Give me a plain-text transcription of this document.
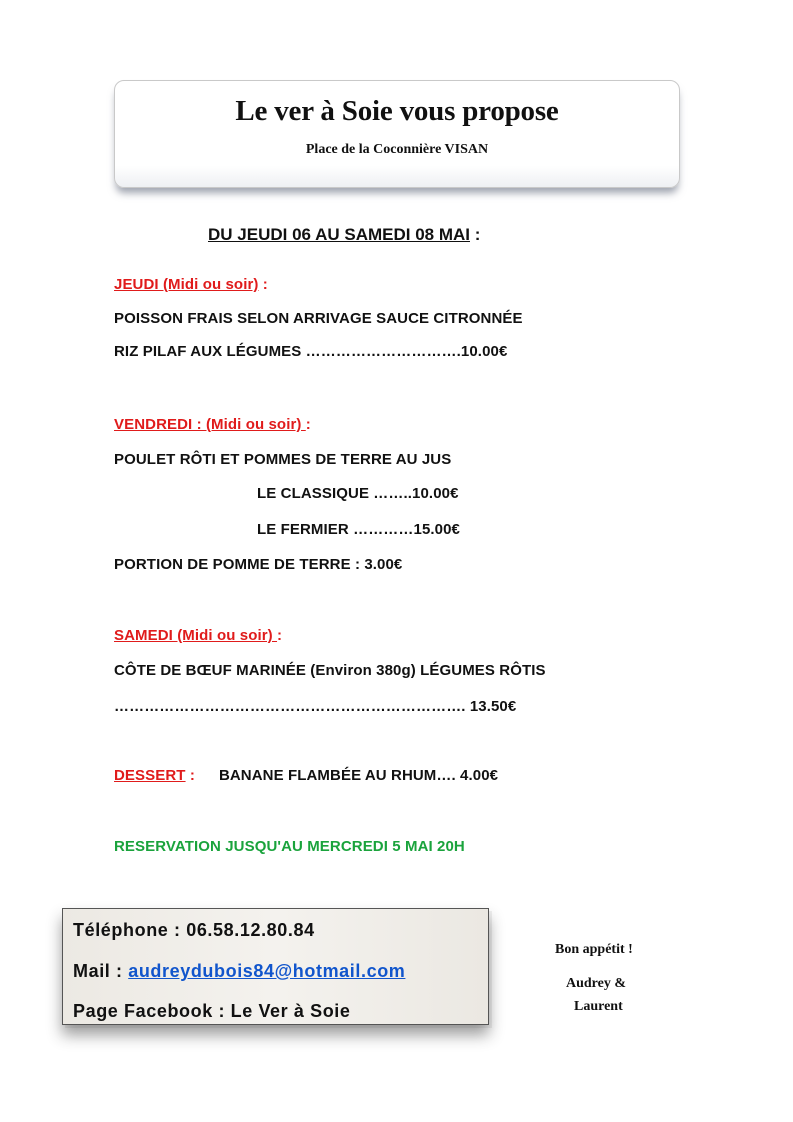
Le ver à Soie vous propose
Place de la Coconnière VISAN
DU JEUDI 06 AU SAMEDI 08 MAI :
JEUDI (Midi ou soir) :
POISSON FRAIS SELON ARRIVAGE SAUCE CITRONNÉE
RIZ PILAF AUX LÉGUMES ………………………….10.00€
VENDREDI : (Midi ou soir) :
POULET RÔTI ET POMMES DE TERRE AU JUS
LE CLASSIQUE ……..10.00€
LE FERMIER …………15.00€
PORTION DE POMME DE TERRE : 3.00€
SAMEDI (Midi ou soir) :
CÔTE DE BŒUF MARINÉE (Environ 380g) LÉGUMES RÔTIS
……………………………………………………………. 13.50€
DESSERT : BANANE FLAMBÉE AU RHUM…. 4.00€
RESERVATION JUSQU'AU MERCREDI 5 MAI 20H
Téléphone : 06.58.12.80.84
Mail : audreydubois84@hotmail.com
Page Facebook : Le Ver à Soie
Bon appétit !
Audrey &
Laurent
